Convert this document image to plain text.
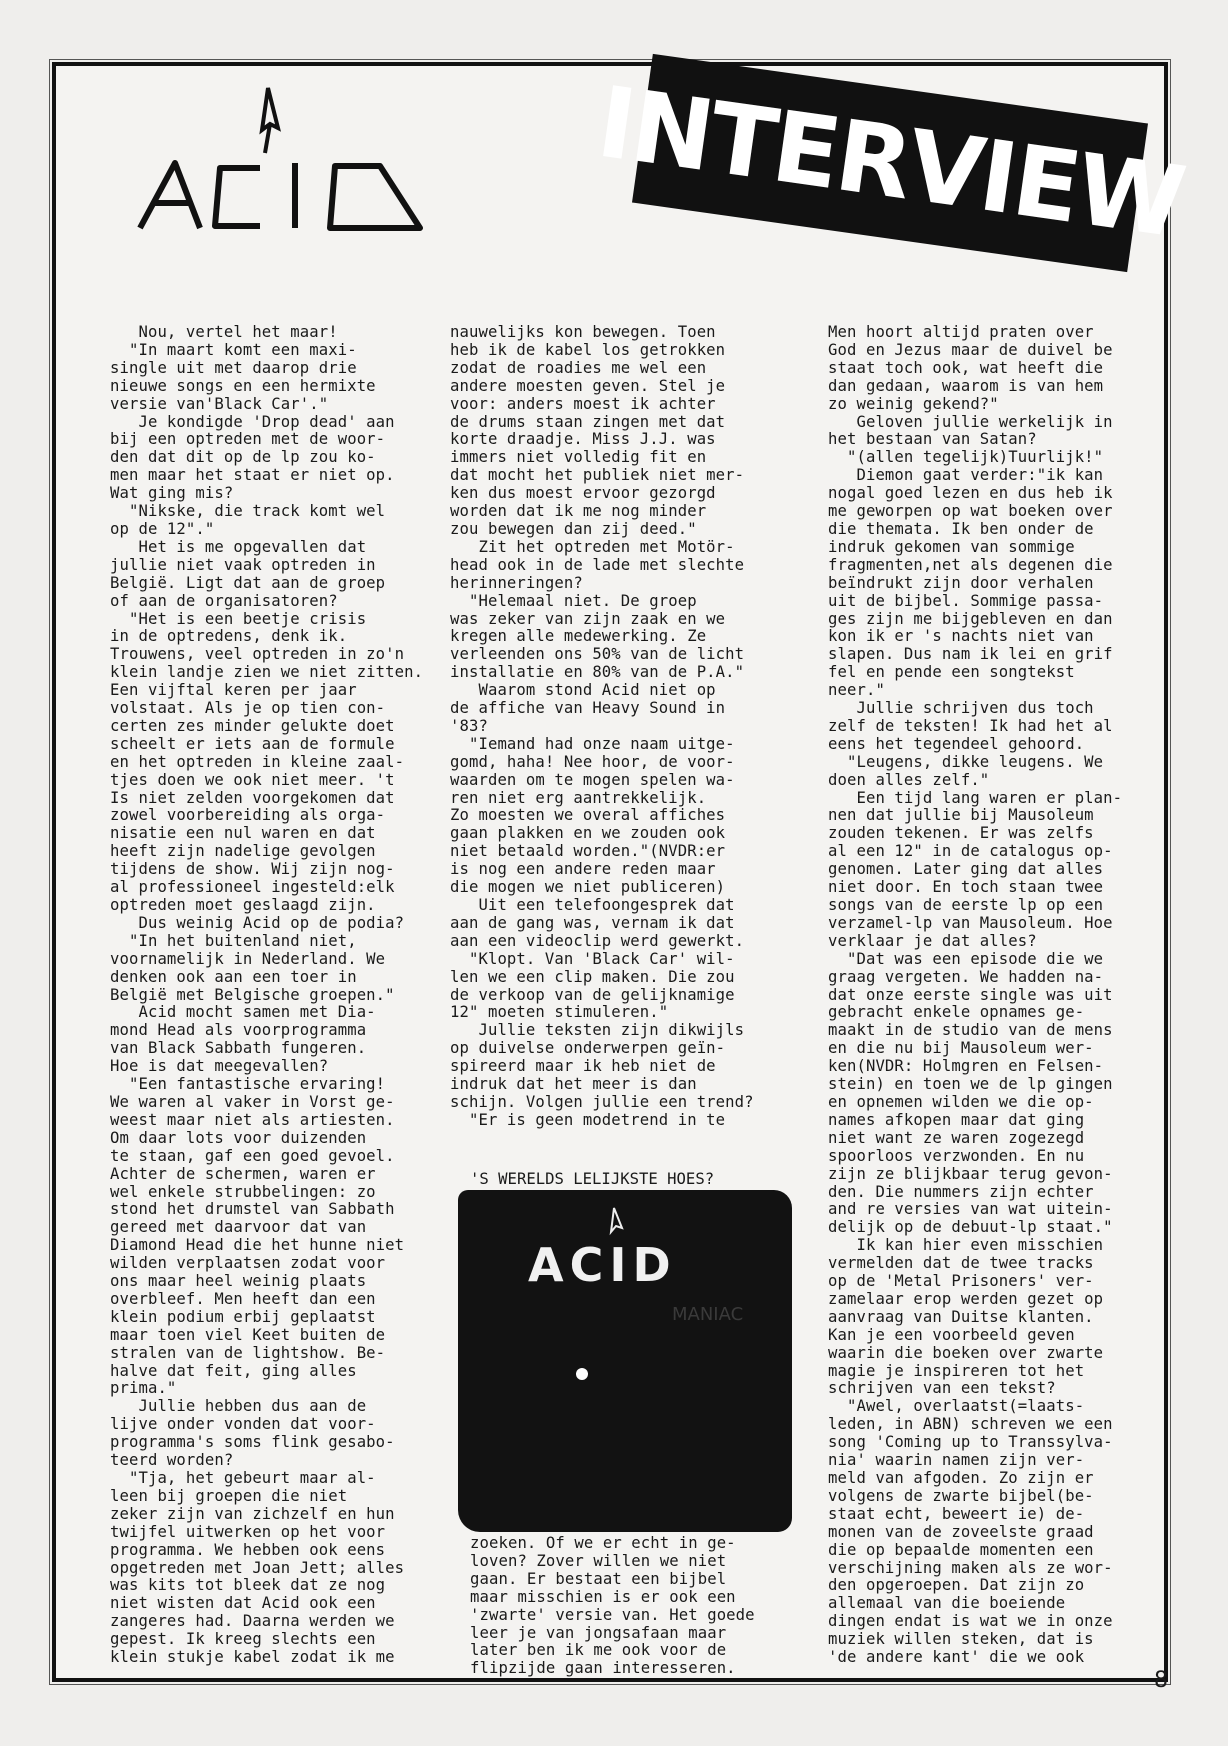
INTERVIEW
Nou, vertel het maar!
"In maart komt een maxi-
single uit met daarop drie
nieuwe songs en een hermixte
versie van'Black Car'."
Je kondigde 'Drop dead' aan
bij een optreden met de woor-
den dat dit op de lp zou ko-
men maar het staat er niet op.
Wat ging mis?
"Nikske, die track komt wel
op de 12"."
Het is me opgevallen dat
jullie niet vaak optreden in
België. Ligt dat aan de groep
of aan de organisatoren?
"Het is een beetje crisis
in de optredens, denk ik.
Trouwens, veel optreden in zo'n
klein landje zien we niet zitten.
Een vijftal keren per jaar
volstaat. Als je op tien con-
certen zes minder gelukte doet
scheelt er iets aan de formule
en het optreden in kleine zaal-
tjes doen we ook niet meer. 't
Is niet zelden voorgekomen dat
zowel voorbereiding als orga-
nisatie een nul waren en dat
heeft zijn nadelige gevolgen
tijdens de show. Wij zijn nog-
al professioneel ingesteld:elk
optreden moet geslaagd zijn.
Dus weinig Acid op de podia?
"In het buitenland niet,
voornamelijk in Nederland. We
denken ook aan een toer in
België met Belgische groepen."
Acid mocht samen met Dia-
mond Head als voorprogramma
van Black Sabbath fungeren.
Hoe is dat meegevallen?
"Een fantastische ervaring!
We waren al vaker in Vorst ge-
weest maar niet als artiesten.
Om daar lots voor duizenden
te staan, gaf een goed gevoel.
Achter de schermen, waren er
wel enkele strubbelingen: zo
stond het drumstel van Sabbath
gereed met daarvoor dat van
Diamond Head die het hunne niet
wilden verplaatsen zodat voor
ons maar heel weinig plaats
overbleef. Men heeft dan een
klein podium erbij geplaatst
maar toen viel Keet buiten de
stralen van de lightshow. Be-
halve dat feit, ging alles
prima."
Jullie hebben dus aan de
lijve onder vonden dat voor-
programma's soms flink gesabo-
teerd worden?
"Tja, het gebeurt maar al-
leen bij groepen die niet
zeker zijn van zichzelf en hun
twijfel uitwerken op het voor
programma. We hebben ook eens
opgetreden met Joan Jett; alles
was kits tot bleek dat ze nog
niet wisten dat Acid ook een
zangeres had. Daarna werden we
gepest. Ik kreeg slechts een
klein stukje kabel zodat ik me
nauwelijks kon bewegen. Toen
heb ik de kabel los getrokken
zodat de roadies me wel een
andere moesten geven. Stel je
voor: anders moest ik achter
de drums staan zingen met dat
korte draadje. Miss J.J. was
immers niet volledig fit en
dat mocht het publiek niet mer-
ken dus moest ervoor gezorgd
worden dat ik me nog minder
zou bewegen dan zij deed."
Zit het optreden met Motör-
head ook in de lade met slechte
herinneringen?
"Helemaal niet. De groep
was zeker van zijn zaak en we
kregen alle medewerking. Ze
verleenden ons 50% van de licht
installatie en 80% van de P.A."
Waarom stond Acid niet op
de affiche van Heavy Sound in
'83?
"Iemand had onze naam uitge-
gomd, haha! Nee hoor, de voor-
waarden om te mogen spelen wa-
ren niet erg aantrekkelijk.
Zo moesten we overal affiches
gaan plakken en we zouden ook
niet betaald worden."(NVDR:er
is nog een andere reden maar
die mogen we niet publiceren)
Uit een telefoongesprek dat
aan de gang was, vernam ik dat
aan een videoclip werd gewerkt.
"Klopt. Van 'Black Car' wil-
len we een clip maken. Die zou
de verkoop van de gelijknamige
12" moeten stimuleren."
Jullie teksten zijn dikwijls
op duivelse onderwerpen geïn-
spireerd maar ik heb niet de
indruk dat het meer is dan
schijn. Volgen jullie een trend?
"Er is geen modetrend in te
'S WERELDS LELIJKSTE HOES?
ACID
MANIAC
zoeken. Of we er echt in ge-
loven? Zover willen we niet
gaan. Er bestaat een bijbel
maar misschien is er ook een
'zwarte' versie van. Het goede
leer je van jongsafaan maar
later ben ik me ook voor de
flipzijde gaan interesseren.
Men hoort altijd praten over
God en Jezus maar de duivel be
staat toch ook, wat heeft die
dan gedaan, waarom is van hem
zo weinig gekend?"
Geloven jullie werkelijk in
het bestaan van Satan?
"(allen tegelijk)Tuurlijk!"
Diemon gaat verder:"ik kan
nogal goed lezen en dus heb ik
me geworpen op wat boeken over
die themata. Ik ben onder de
indruk gekomen van sommige
fragmenten,net als degenen die
beïndrukt zijn door verhalen
uit de bijbel. Sommige passa-
ges zijn me bijgebleven en dan
kon ik er 's nachts niet van
slapen. Dus nam ik lei en grif
fel en pende een songtekst
neer."
Jullie schrijven dus toch
zelf de teksten! Ik had het al
eens het tegendeel gehoord.
"Leugens, dikke leugens. We
doen alles zelf."
Een tijd lang waren er plan-
nen dat jullie bij Mausoleum
zouden tekenen. Er was zelfs
al een 12" in de catalogus op-
genomen. Later ging dat alles
niet door. En toch staan twee
songs van de eerste lp op een
verzamel-lp van Mausoleum. Hoe
verklaar je dat alles?
"Dat was een episode die we
graag vergeten. We hadden na-
dat onze eerste single was uit
gebracht enkele opnames ge-
maakt in de studio van de mens
en die nu bij Mausoleum wer-
ken(NVDR: Holmgren en Felsen-
stein) en toen we de lp gingen
en opnemen wilden we die op-
names afkopen maar dat ging
niet want ze waren zogezegd
spoorloos verzwonden. En nu
zijn ze blijkbaar terug gevon-
den. Die nummers zijn echter
and re versies van wat uitein-
delijk op de debuut-lp staat."
Ik kan hier even misschien
vermelden dat de twee tracks
op de 'Metal Prisoners' ver-
zamelaar erop werden gezet op
aanvraag van Duitse klanten.
Kan je een voorbeeld geven
waarin die boeken over zwarte
magie je inspireren tot het
schrijven van een tekst?
"Awel, overlaatst(=laats-
leden, in ABN) schreven we een
song 'Coming up to Transsylva-
nia' waarin namen zijn ver-
meld van afgoden. Zo zijn er
volgens de zwarte bijbel(be-
staat echt, beweert ie) de-
monen van de zoveelste graad
die op bepaalde momenten een
verschijning maken als ze wor-
den opgeroepen. Dat zijn zo
allemaal van die boeiende
dingen endat is wat we in onze
muziek willen steken, dat is
'de andere kant' die we ook
8
